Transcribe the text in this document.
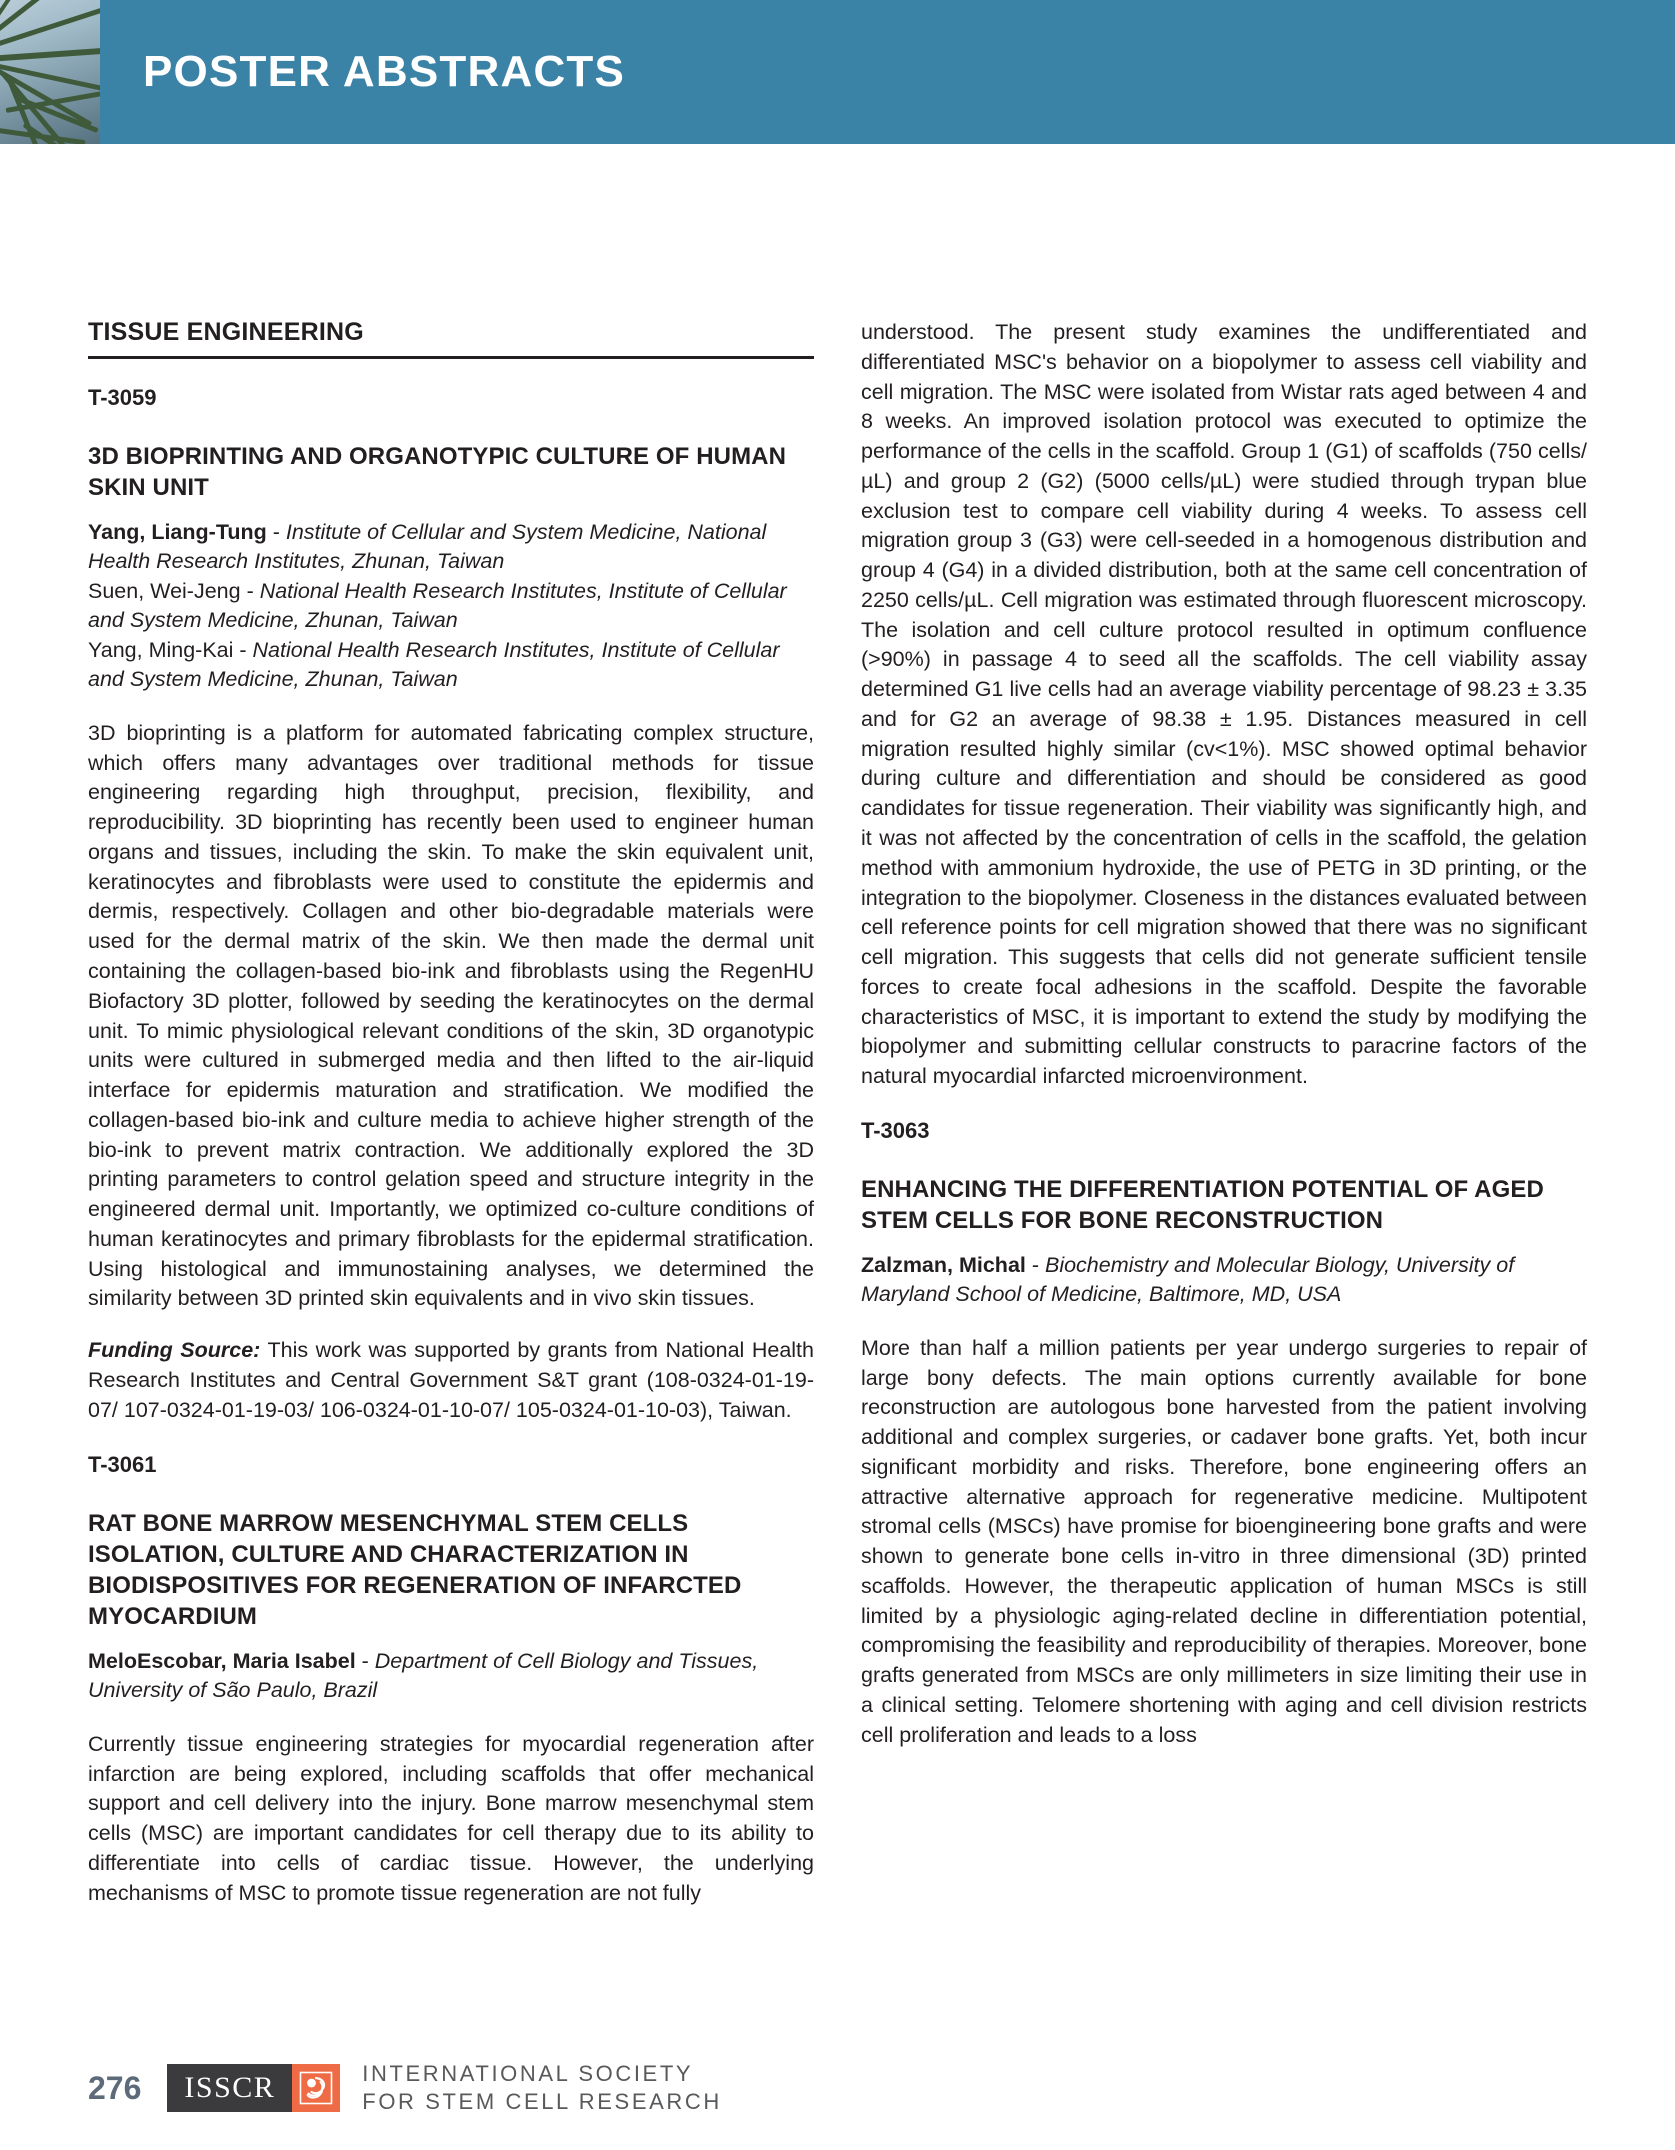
POSTER ABSTRACTS
TISSUE ENGINEERING
T-3059
3D BIOPRINTING AND ORGANOTYPIC CULTURE OF HUMAN SKIN UNIT
Yang, Liang-Tung - Institute of Cellular and System Medicine, National Health Research Institutes, Zhunan, Taiwan
Suen, Wei-Jeng - National Health Research Institutes, Institute of Cellular and System Medicine, Zhunan, Taiwan
Yang, Ming-Kai - National Health Research Institutes, Institute of Cellular and System Medicine, Zhunan, Taiwan
3D bioprinting is a platform for automated fabricating complex structure, which offers many advantages over traditional methods for tissue engineering regarding high throughput, precision, flexibility, and reproducibility. 3D bioprinting has recently been used to engineer human organs and tissues, including the skin. To make the skin equivalent unit, keratinocytes and fibroblasts were used to constitute the epidermis and dermis, respectively. Collagen and other bio-degradable materials were used for the dermal matrix of the skin. We then made the dermal unit containing the collagen-based bio-ink and fibroblasts using the RegenHU Biofactory 3D plotter, followed by seeding the keratinocytes on the dermal unit. To mimic physiological relevant conditions of the skin, 3D organotypic units were cultured in submerged media and then lifted to the air-liquid interface for epidermis maturation and stratification. We modified the collagen-based bio-ink and culture media to achieve higher strength of the bio-ink to prevent matrix contraction. We additionally explored the 3D printing parameters to control gelation speed and structure integrity in the engineered dermal unit. Importantly, we optimized co-culture conditions of human keratinocytes and primary fibroblasts for the epidermal stratification. Using histological and immunostaining analyses, we determined the similarity between 3D printed skin equivalents and in vivo skin tissues.
Funding Source: This work was supported by grants from National Health Research Institutes and Central Government S&T grant (108-0324-01-19-07/ 107-0324-01-19-03/ 106-0324-01-10-07/ 105-0324-01-10-03), Taiwan.
T-3061
RAT BONE MARROW MESENCHYMAL STEM CELLS ISOLATION, CULTURE AND CHARACTERIZATION IN BIODISPOSITIVES FOR REGENERATION OF INFARCTED MYOCARDIUM
MeloEscobar, Maria Isabel - Department of Cell Biology and Tissues, University of São Paulo, Brazil
Currently tissue engineering strategies for myocardial regeneration after infarction are being explored, including scaffolds that offer mechanical support and cell delivery into the injury. Bone marrow mesenchymal stem cells (MSC) are important candidates for cell therapy due to its ability to differentiate into cells of cardiac tissue. However, the underlying mechanisms of MSC to promote tissue regeneration are not fully
understood. The present study examines the undifferentiated and differentiated MSC's behavior on a biopolymer to assess cell viability and cell migration. The MSC were isolated from Wistar rats aged between 4 and 8 weeks. An improved isolation protocol was executed to optimize the performance of the cells in the scaffold. Group 1 (G1) of scaffolds (750 cells/µL) and group 2 (G2) (5000 cells/µL) were studied through trypan blue exclusion test to compare cell viability during 4 weeks. To assess cell migration group 3 (G3) were cell-seeded in a homogenous distribution and group 4 (G4) in a divided distribution, both at the same cell concentration of 2250 cells/µL. Cell migration was estimated through fluorescent microscopy. The isolation and cell culture protocol resulted in optimum confluence (>90%) in passage 4 to seed all the scaffolds. The cell viability assay determined G1 live cells had an average viability percentage of 98.23 ± 3.35 and for G2 an average of 98.38 ± 1.95. Distances measured in cell migration resulted highly similar (cv<1%). MSC showed optimal behavior during culture and differentiation and should be considered as good candidates for tissue regeneration. Their viability was significantly high, and it was not affected by the concentration of cells in the scaffold, the gelation method with ammonium hydroxide, the use of PETG in 3D printing, or the integration to the biopolymer. Closeness in the distances evaluated between cell reference points for cell migration showed that there was no significant cell migration. This suggests that cells did not generate sufficient tensile forces to create focal adhesions in the scaffold. Despite the favorable characteristics of MSC, it is important to extend the study by modifying the biopolymer and submitting cellular constructs to paracrine factors of the natural myocardial infarcted microenvironment.
T-3063
ENHANCING THE DIFFERENTIATION POTENTIAL OF AGED STEM CELLS FOR BONE RECONSTRUCTION
Zalzman, Michal - Biochemistry and Molecular Biology, University of Maryland School of Medicine, Baltimore, MD, USA
More than half a million patients per year undergo surgeries to repair of large bony defects. The main options currently available for bone reconstruction are autologous bone harvested from the patient involving additional and complex surgeries, or cadaver bone grafts. Yet, both incur significant morbidity and risks. Therefore, bone engineering offers an attractive alternative approach for regenerative medicine. Multipotent stromal cells (MSCs) have promise for bioengineering bone grafts and were shown to generate bone cells in-vitro in three dimensional (3D) printed scaffolds. However, the therapeutic application of human MSCs is still limited by a physiologic aging-related decline in differentiation potential, compromising the feasibility and reproducibility of therapies. Moreover, bone grafts generated from MSCs are only millimeters in size limiting their use in a clinical setting. Telomere shortening with aging and cell division restricts cell proliferation and leads to a loss
276	ISSCR	INTERNATIONAL SOCIETY
FOR STEM CELL RESEARCH
